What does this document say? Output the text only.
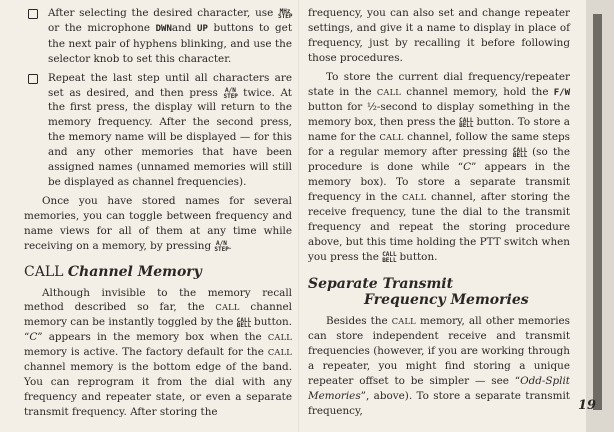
After selecting the desired character, use MHz STEP or the microphone DWNand UP buttons to get the next pair of hyphens blinking, and use the selector knob to set this character.

Repeat the last step until all characters are set as desired, and then press A/N STEP twice. At the first press, the display will return to the memory frequency. After the second press, the memory name will be displayed — for this and any other memories that have been assigned names (unnamed memories will still be displayed as channel frequencies).

Once you have stored names for several memories, you can toggle between frequency and name views for all of them at any time while receiving on a memory, by pressing A/N STEP.

CALL Channel Memory

Although invisible to the memory recall method described so far, the CALL channel memory can be instantly toggled by the CALL BELL button. “C” appears in the memory box when the CALL memory is active. The factory default for the CALL channel memory is the bottom edge of the band. You can reprogram it from the dial with any frequency and repeater state, or even a separate transmit frequency. After storing the

frequency, you can also set and change repeater settings, and give it a name to display in place of frequency, just by recalling it before following those procedures.

To store the current dial frequency/repeater state in the CALL channel memory, hold the F/W button for ½-second to display something in the memory box, then press the CALL BELL button. To store a name for the CALL channel, follow the same steps for a regular memory after pressing CALL BELL (so the procedure is done while “C” appears in the memory box). To store a separate transmit frequency in the CALL channel, after storing the receive frequency, tune the dial to the transmit frequency and repeat the storing procedure above, but this time holding the PTT switch when you press the CALL BELL button.

Separate Transmit
Frequency Memories

Besides the CALL memory, all other memories can store independent receive and transmit frequencies (however, if you are working through a repeater, you might find storing a unique repeater offset to be simpler — see “Odd-Split Memories”, above). To store a separate transmit frequency,	19
